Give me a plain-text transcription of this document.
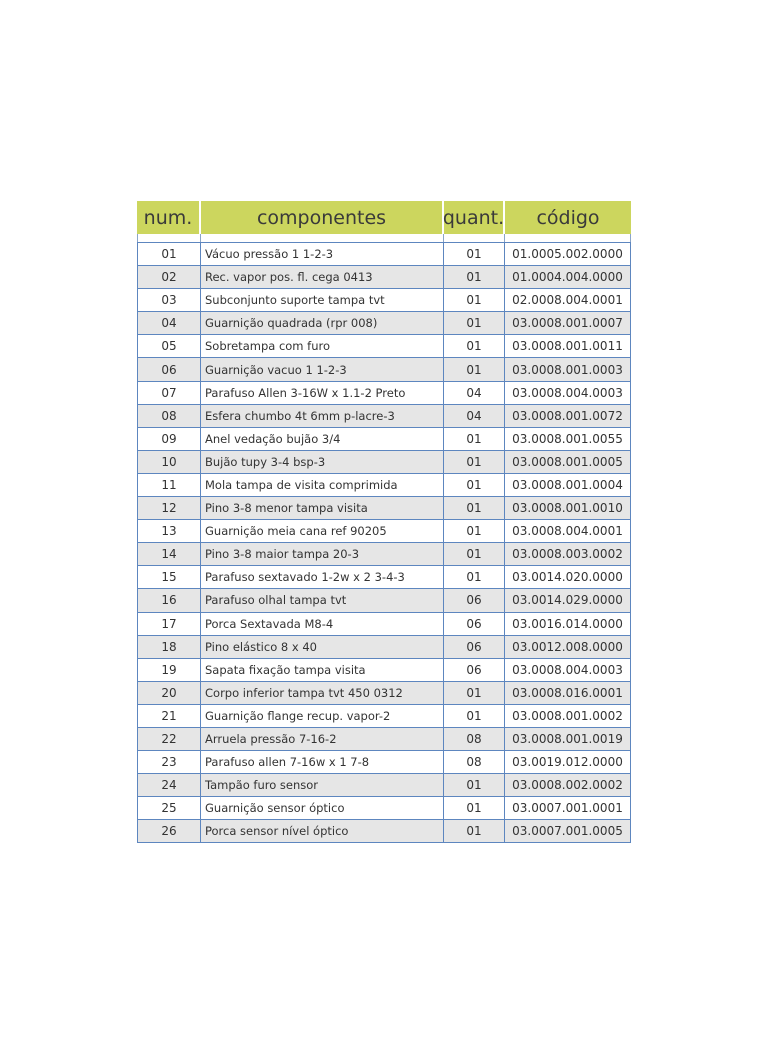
num.	componentes	quant.	código
01	Vácuo pressão 1 1-2-3	01	01.0005.002.0000
02	Rec. vapor pos. fl. cega 0413	01	01.0004.004.0000
03	Subconjunto suporte tampa tvt	01	02.0008.004.0001
04	Guarnição quadrada (rpr 008)	01	03.0008.001.0007
05	Sobretampa com furo	01	03.0008.001.0011
06	Guarnição vacuo 1 1-2-3	01	03.0008.001.0003
07	Parafuso Allen 3-16W x 1.1-2 Preto	04	03.0008.004.0003
08	Esfera chumbo 4t 6mm p-lacre-3	04	03.0008.001.0072
09	Anel vedação bujão 3/4	01	03.0008.001.0055
10	Bujão tupy 3-4 bsp-3	01	03.0008.001.0005
11	Mola tampa de visita comprimida	01	03.0008.001.0004
12	Pino 3-8 menor tampa visita	01	03.0008.001.0010
13	Guarnição meia cana ref 90205	01	03.0008.004.0001
14	Pino 3-8 maior tampa 20-3	01	03.0008.003.0002
15	Parafuso sextavado 1-2w x 2 3-4-3	01	03.0014.020.0000
16	Parafuso olhal tampa tvt	06	03.0014.029.0000
17	Porca Sextavada M8-4	06	03.0016.014.0000
18	Pino elástico 8 x 40	06	03.0012.008.0000
19	Sapata fixação tampa visita	06	03.0008.004.0003
20	Corpo inferior tampa tvt 450 0312	01	03.0008.016.0001
21	Guarnição flange recup. vapor-2	01	03.0008.001.0002
22	Arruela pressão 7-16-2	08	03.0008.001.0019
23	Parafuso allen 7-16w x 1 7-8	08	03.0019.012.0000
24	Tampão furo sensor	01	03.0008.002.0002
25	Guarnição sensor óptico	01	03.0007.001.0001
26	Porca sensor nível óptico	01	03.0007.001.0005
